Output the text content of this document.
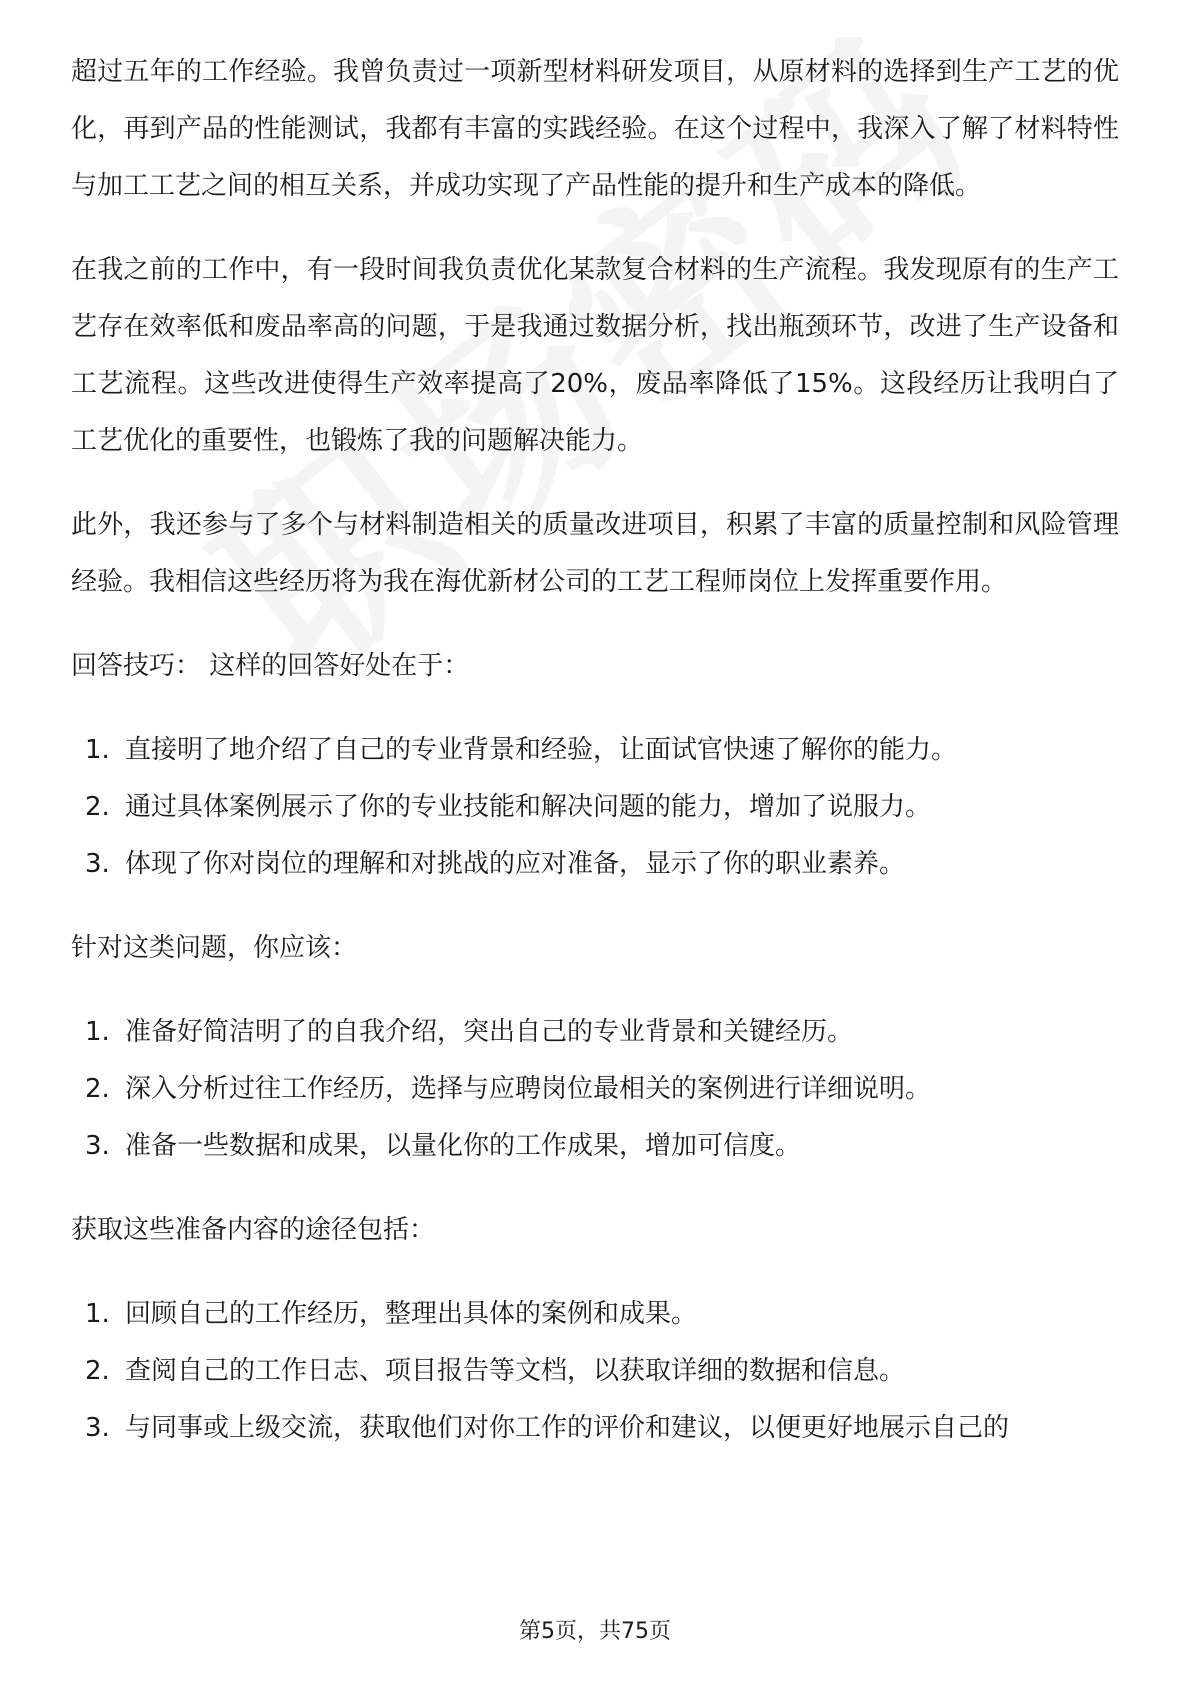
超过五年的工作经验。我曾负责过一项新型材料研发项目，从原材料的选择到生产工艺的优化，再到产品的性能测试，我都有丰富的实践经验。在这个过程中，我深入了解了材料特性与加工工艺之间的相互关系，并成功实现了产品性能的提升和生产成本的降低。

在我之前的工作中，有一段时间我负责优化某款复合材料的生产流程。我发现原有的生产工艺存在效率低和废品率高的问题，于是我通过数据分析，找出瓶颈环节，改进了生产设备和工艺流程。这些改进使得生产效率提高了20%，废品率降低了15%。这段经历让我明白了工艺优化的重要性，也锻炼了我的问题解决能力。

此外，我还参与了多个与材料制造相关的质量改进项目，积累了丰富的质量控制和风险管理经验。我相信这些经历将为我在海优新材公司的工艺工程师岗位上发挥重要作用。

回答技巧： 这样的回答好处在于：
1. 直接明了地介绍了自己的专业背景和经验，让面试官快速了解你的能力。
2. 通过具体案例展示了你的专业技能和解决问题的能力，增加了说服力。
3. 体现了你对岗位的理解和对挑战的应对准备，显示了你的职业素养。
针对这类问题，你应该：
1. 准备好简洁明了的自我介绍，突出自己的专业背景和关键经历。
2. 深入分析过往工作经历，选择与应聘岗位最相关的案例进行详细说明。
3. 准备一些数据和成果，以量化你的工作成果，增加可信度。
获取这些准备内容的途径包括：
1. 回顾自己的工作经历，整理出具体的案例和成果。
2. 查阅自己的工作日志、项目报告等文档，以获取详细的数据和信息。
3. 与同事或上级交流，获取他们对你工作的评价和建议，以便更好地展示自己的
第5页，共75页
